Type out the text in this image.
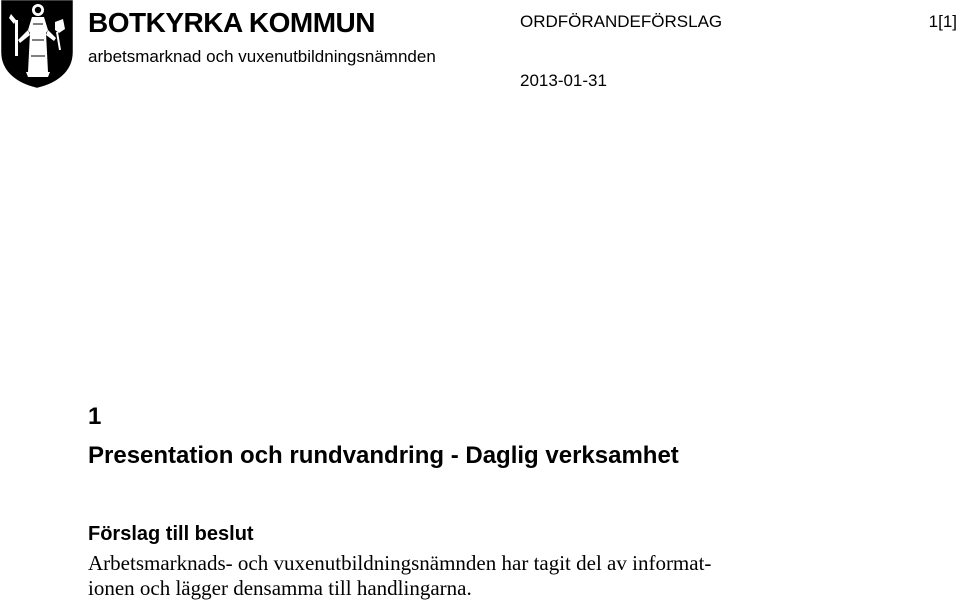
BOTKYRKA KOMMUN
arbetsmarknad och vuxenutbildningsnämnden
ORDFÖRANDEFÖRSLAG	1[1]
2013-01-31
1
Presentation och rundvandring - Daglig verksamhet
Förslag till beslut
Arbetsmarknads- och vuxenutbildningsnämnden har tagit del av informat-
ionen och lägger densamma till handlingarna.
